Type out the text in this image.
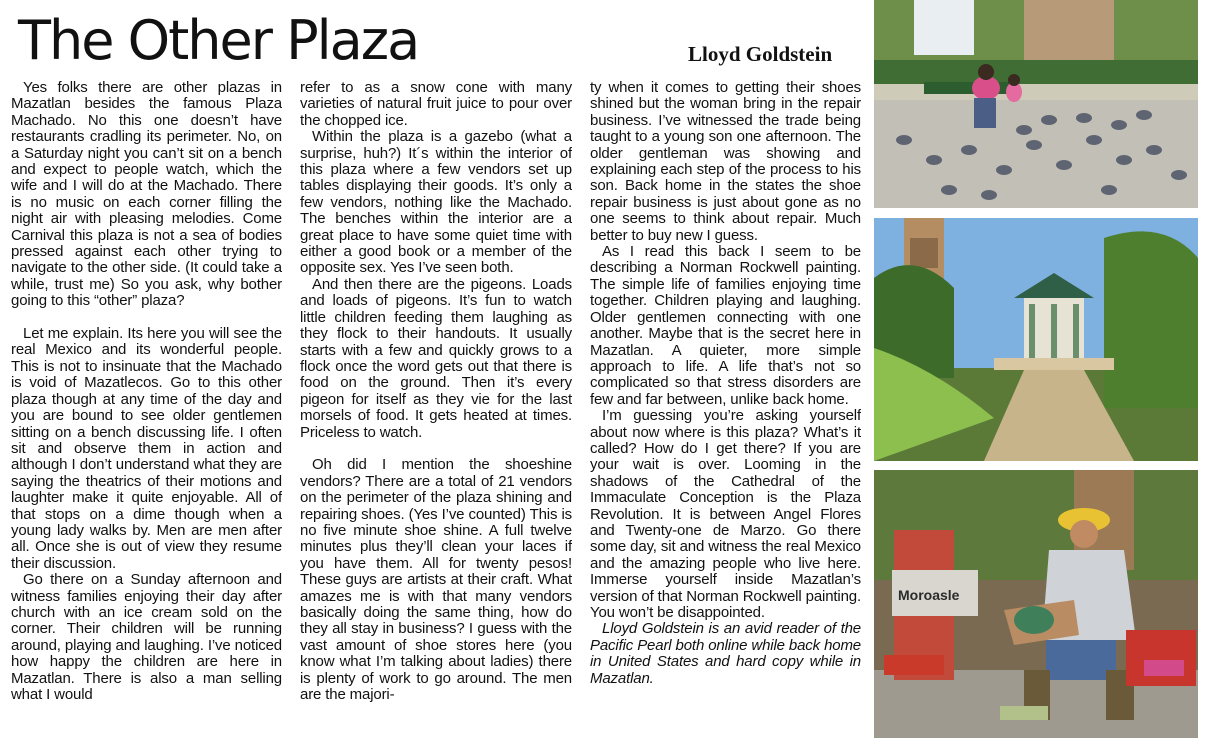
The Other Plaza	Lloyd Goldstein

Yes folks there are other plazas in Mazatlan besides the famous Plaza Machado. No this one doesn’t have restaurants cradling its perimeter. No, on a Saturday night you can’t sit on a bench and expect to people watch, which the wife and I will do at the Machado. There is no music on each corner filling the night air with pleasing melodies. Come Carnival this plaza is not a sea of bodies pressed against each other trying to navigate to the other side. (It could take a while, trust me) So you ask, why bother going to this “other” plaza?

Let me explain. Its here you will see the real Mexico and its wonderful people. This is not to insinuate that the Machado is void of Mazatlecos. Go to this other plaza though at any time of the day and you are bound to see older gentlemen sitting on a bench discussing life. I often sit and observe them in action and although I don’t understand what they are saying the theatrics of their motions and laughter make it quite enjoyable. All of that stops on a dime though when a young lady walks by. Men are men after all. Once she is out of view they resume their discussion.

Go there on a Sunday afternoon and witness families enjoying their day after church with an ice cream sold on the corner. Their children will be running around, playing and laughing. I’ve noticed how happy the children are here in Mazatlan. There is also a man selling what I would

refer to as a snow cone with many varieties of natural fruit juice to pour over the chopped ice.

Within the plaza is a gazebo (what a surprise, huh?) It´s within the interior of this plaza where a few vendors set up tables displaying their goods. It’s only a few vendors, nothing like the Machado. The benches within the interior are a great place to have some quiet time with either a good book or a member of the opposite sex. Yes I’ve seen both.

And then there are the pigeons. Loads and loads of pigeons. It’s fun to watch little children feeding them laughing as they flock to their handouts. It usually starts with a few and quickly grows to a flock once the word gets out that there is food on the ground. Then it’s every pigeon for itself as they vie for the last morsels of food. It gets heated at times. Priceless to watch.

Oh did I mention the shoeshine vendors? There are a total of 21 vendors on the perimeter of the plaza shining and repairing shoes. (Yes I’ve counted) This is no five minute shoe shine. A full twelve minutes plus they’ll clean your laces if you have them. All for twenty pesos! These guys are artists at their craft. What amazes me is with that many vendors basically doing the same thing, how do they all stay in business? I guess with the vast amount of shoe stores here (you know what I’m talking about ladies) there is plenty of work to go around. The men are the majori-

ty when it comes to getting their shoes shined but the woman bring in the repair business. I’ve witnessed the trade being taught to a young son one afternoon. The older gentleman was showing and explaining each step of the process to his son. Back home in the states the shoe repair business is just about gone as no one seems to think about repair. Much better to buy new I guess.

As I read this back I seem to be describing a Norman Rockwell painting. The simple life of families enjoying time together. Children playing and laughing. Older gentlemen connecting with one another. Maybe that is the secret here in Mazatlan. A quieter, more simple approach to life. A life that’s not so complicated so that stress disorders are few and far between, unlike back home.

I’m guessing you’re asking yourself about now where is this plaza? What’s it called? How do I get there? If you are your wait is over. Looming in the shadows of the Cathedral of the Immaculate Conception is the Plaza Revolution. It is between Angel Flores and Twenty-one de Marzo. Go there some day, sit and witness the real Mexico and the amazing people who live here. Immerse yourself inside Mazatlan’s version of that Norman Rockwell painting. You won’t be disappointed.

Lloyd Goldstein is an avid reader of the Pacific Pearl both online while back home in United States and hard copy while in Mazatlan.

Moroasle
